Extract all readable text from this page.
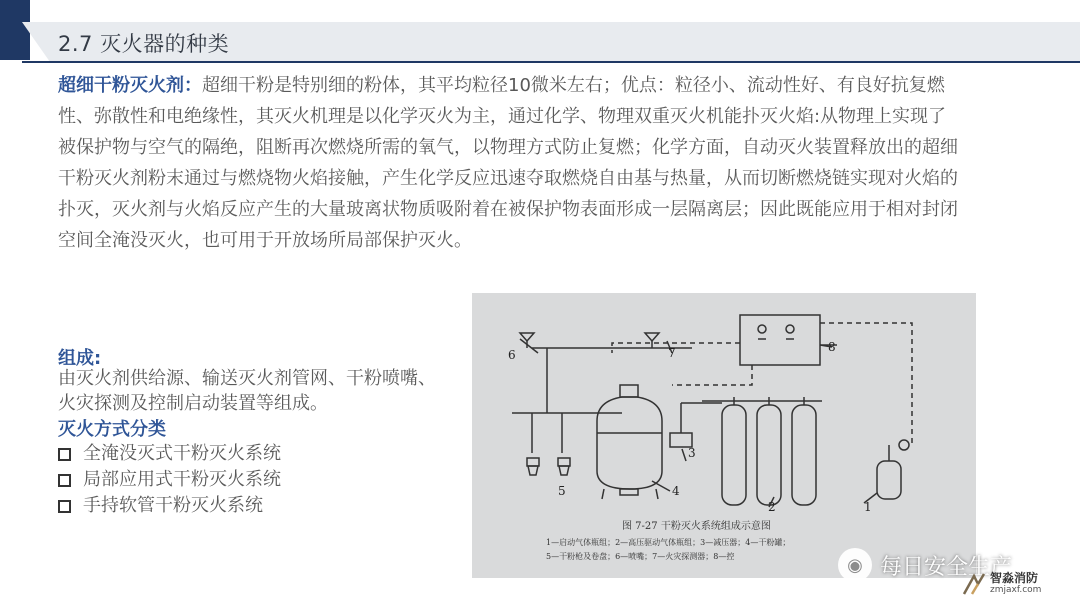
2.7 灭火器的种类
超细干粉灭火剂：超细干粉是特别细的粉体，其平均粒径10微米左右；优点：粒径小、流动性好、有良好抗复燃性、弥散性和电绝缘性，其灭火机理是以化学灭火为主，通过化学、物理双重灭火机能扑灭火焰:从物理上实现了被保护物与空气的隔绝，阻断再次燃烧所需的氧气，以物理方式防止复燃；化学方面，自动灭火装置释放出的超细干粉灭火剂粉末通过与燃烧物火焰接触，产生化学反应迅速夺取燃烧自由基与热量，从而切断燃烧链实现对火焰的扑灭，灭火剂与火焰反应产生的大量玻离状物质吸附着在被保护物表面形成一层隔离层；因此既能应用于相对封闭空间全淹没灭火，也可用于开放场所局部保护灭火。
组成:
由灭火剂供给源、输送灭火剂管网、干粉喷嘴、
火灾探测及控制启动装置等组成。
灭火方式分类
全淹没灭式干粉灭火系统
局部应用式干粉灭火系统
手持软管干粉灭火系统	1
2
3
4
5
6	7	8
图 7-27 干粉灭火系统组成示意图
1—启动气体瓶组；2—高压驱动气体瓶组；3—减压器；4—干粉罐；
5—干粉枪及卷盘；6—喷嘴；7—火灾探测器；8—控	◉ 每日安全生产
智淼消防
zmjaxf.com
